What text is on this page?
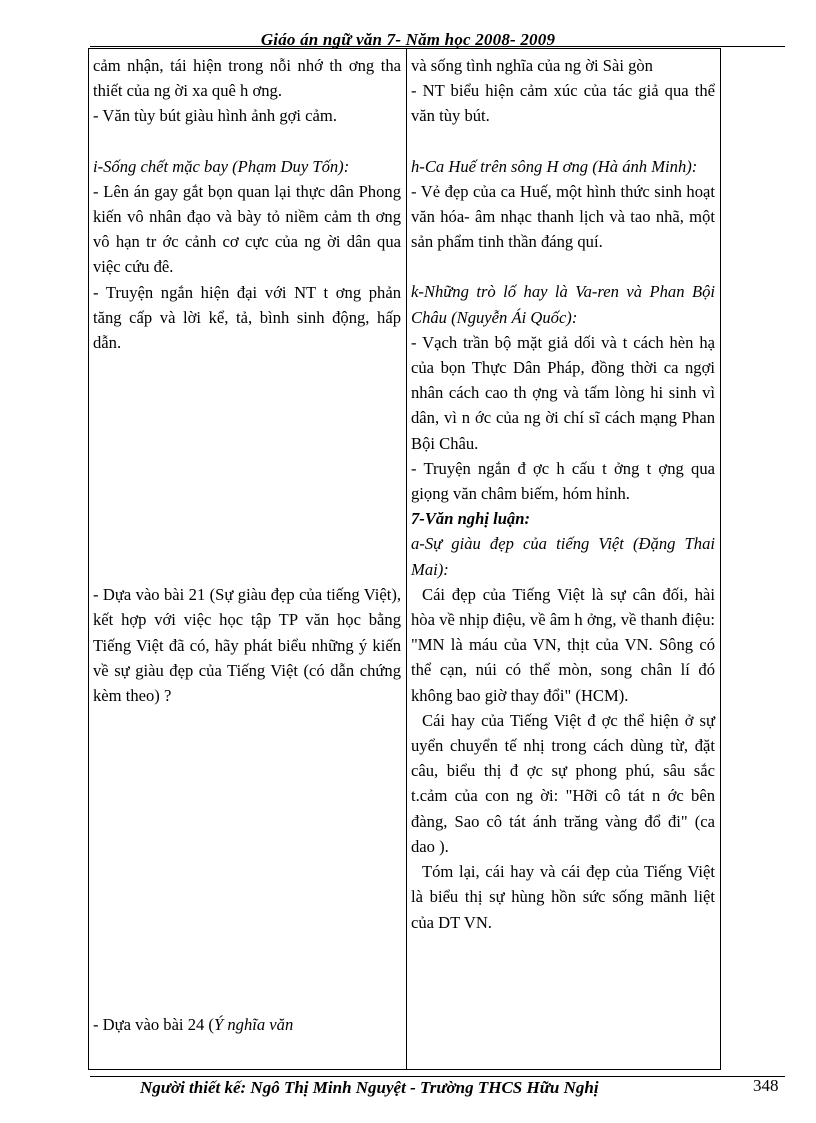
Giáo án ngữ văn 7- Năm học 2008- 2009

cảm nhận, tái hiện trong nỗi nhớ th ơng tha thiết của ng ời xa quê h ơng.

- Văn tùy bút giàu hình ảnh gợi cảm.

i-Sống chết mặc bay (Phạm Duy Tốn):

- Lên án gay gắt bọn quan lại thực dân Phong kiến vô nhân đạo và bày tỏ niềm cảm th ơng vô hạn tr ớc cảnh cơ cực của ng ời dân qua việc cứu đê.

- Truyện ngắn hiện đại với NT t ơng phản tăng cấp và lời kể, tả, bình sinh động, hấp dẫn.

- Dựa vào bài 21 (Sự giàu đẹp của tiếng Việt), kết hợp với việc học tập TP văn học bằng Tiếng Việt đã có, hãy phát biểu những ý kiến về sự giàu đẹp của Tiếng Việt (có dẫn chứng kèm theo) ?

- Dựa vào bài 24 (Ý nghĩa văn

và sống tình nghĩa của ng ời Sài gòn

- NT biểu hiện cảm xúc của tác giả qua thể văn tùy bút.

h-Ca Huế trên sông H ơng (Hà ánh Minh):

- Vẻ đẹp của ca Huế, một hình thức sinh hoạt văn hóa- âm nhạc thanh lịch và tao nhã, một sản phẩm tinh thần đáng quí.

k-Những trò lố hay là Va-ren và Phan Bội Châu (Nguyễn Ái Quốc):

- Vạch trần bộ mặt giả dối và t cách hèn hạ của bọn Thực Dân Pháp, đồng thời ca ngợi nhân cách cao th ợng và tấm lòng hi sinh vì dân, vì n ớc của ng ời chí sĩ cách mạng Phan Bội Châu.

- Truyện ngắn đ ợc h cấu t ởng t ợng qua giọng văn châm biếm, hóm hỉnh.

7-Văn nghị luận:

a-Sự giàu đẹp của tiếng Việt (Đặng Thai Mai):

Cái đẹp của Tiếng Việt là sự cân đối, hài hòa về nhịp điệu, về âm h ởng, về thanh điệu: "MN là máu của VN, thịt của VN. Sông có thể cạn, núi có thể mòn, song chân lí đó không bao giờ thay đổi" (HCM).

Cái hay của Tiếng Việt đ ợc thể hiện ở sự uyển chuyển tế nhị trong cách dùng từ, đặt câu, biểu thị đ ợc sự phong phú, sâu sắc t.cảm của con ng ời: "Hỡi cô tát n ớc bên đàng, Sao cô tát ánh trăng vàng đổ đi" (ca dao ).

Tóm lại, cái hay và cái đẹp của Tiếng Việt là biểu thị sự hùng hồn sức sống mãnh liệt của DT VN.

Người thiết kế: Ngô Thị Minh Nguyệt - Trường THCS Hữu Nghị	348
